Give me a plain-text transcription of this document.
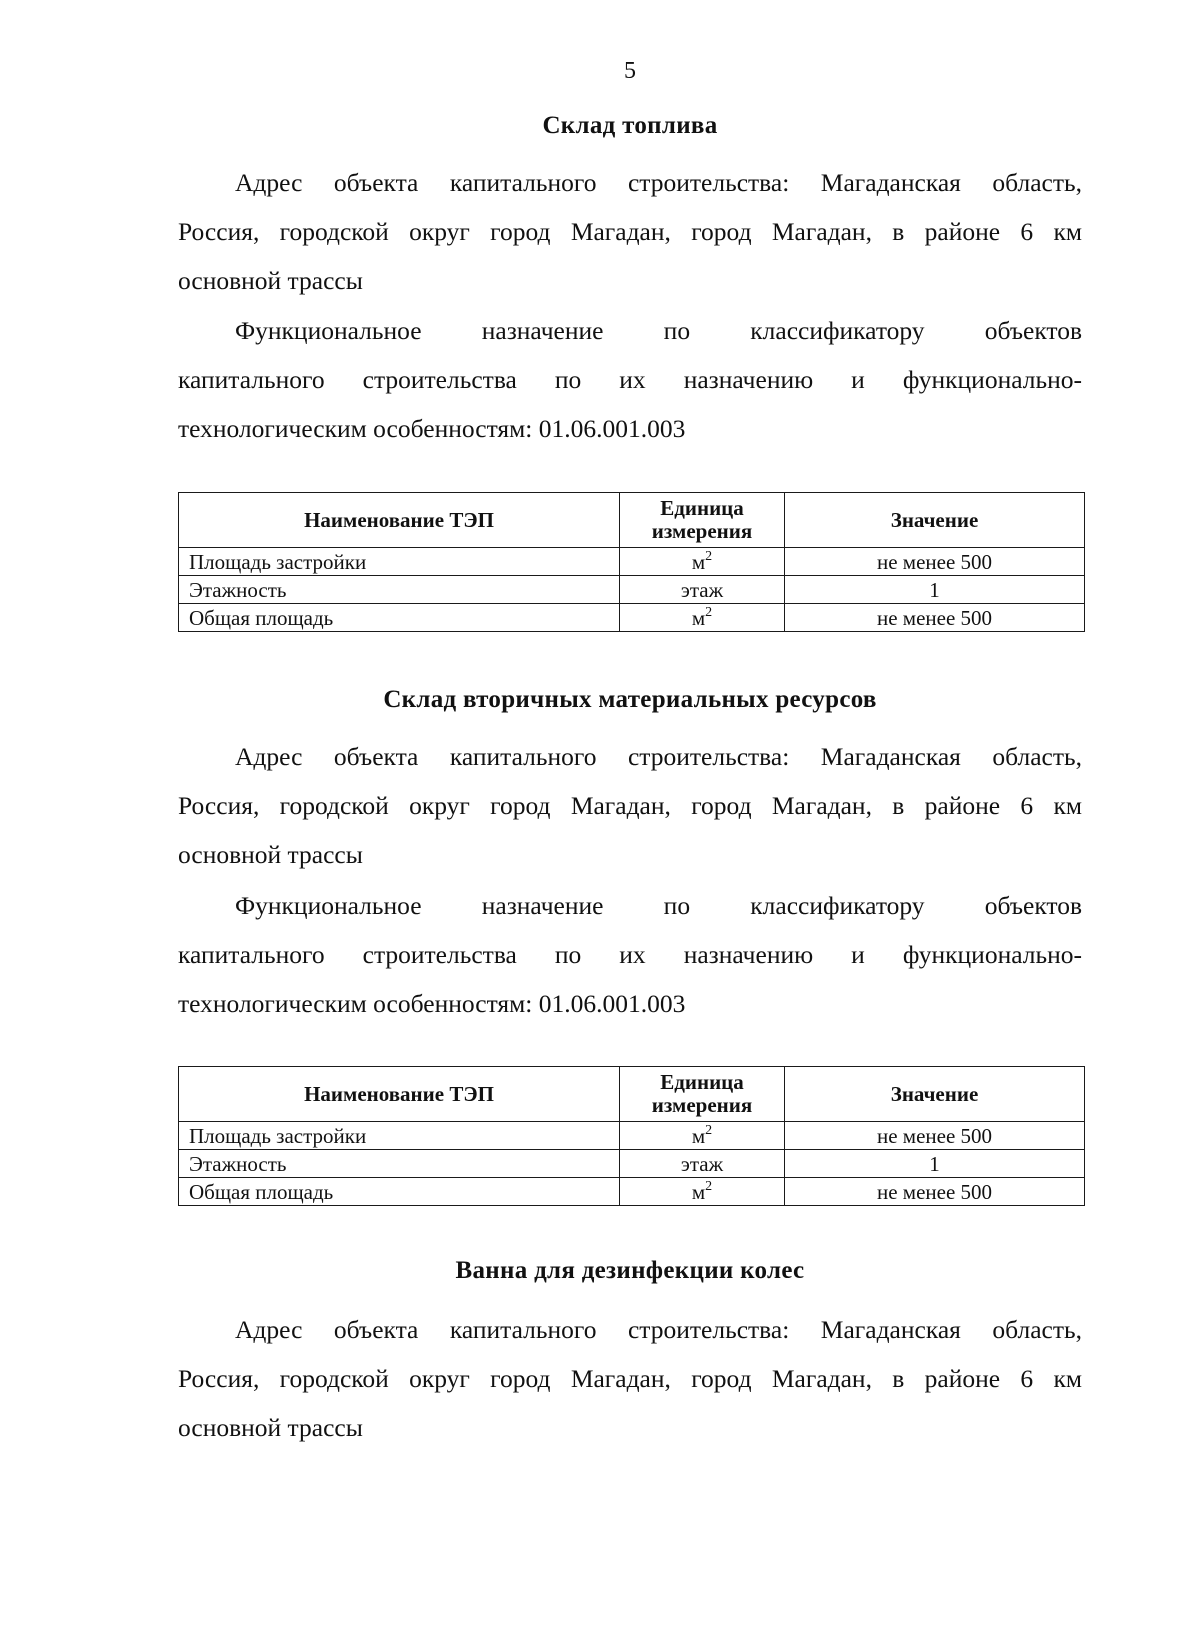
5
Склад топлива
Адрес объекта капитального строительства: Магаданская область,
Россия, городской округ город Магадан, город Магадан, в районе 6 км
основной трассы
Функциональное назначение по классификатору объектов
капитального строительства по их назначению и функционально-
технологическим особенностям: 01.06.001.003
Наименование ТЭП	Единица измерения	Значение
Площадь застройки	$м^2$	не менее 500
Этажность	этаж	1
Общая площадь	$м^2$	не менее 500
Склад вторичных материальных ресурсов
Адрес объекта капитального строительства: Магаданская область,
Россия, городской округ город Магадан, город Магадан, в районе 6 км
основной трассы
Функциональное назначение по классификатору объектов
капитального строительства по их назначению и функционально-
технологическим особенностям: 01.06.001.003
Наименование ТЭП	Единица измерения	Значение
Площадь застройки	$м^2$	не менее 500
Этажность	этаж	1
Общая площадь	$м^2$	не менее 500
Ванна для дезинфекции колес
Адрес объекта капитального строительства: Магаданская область,
Россия, городской округ город Магадан, город Магадан, в районе 6 км
основной трассы
